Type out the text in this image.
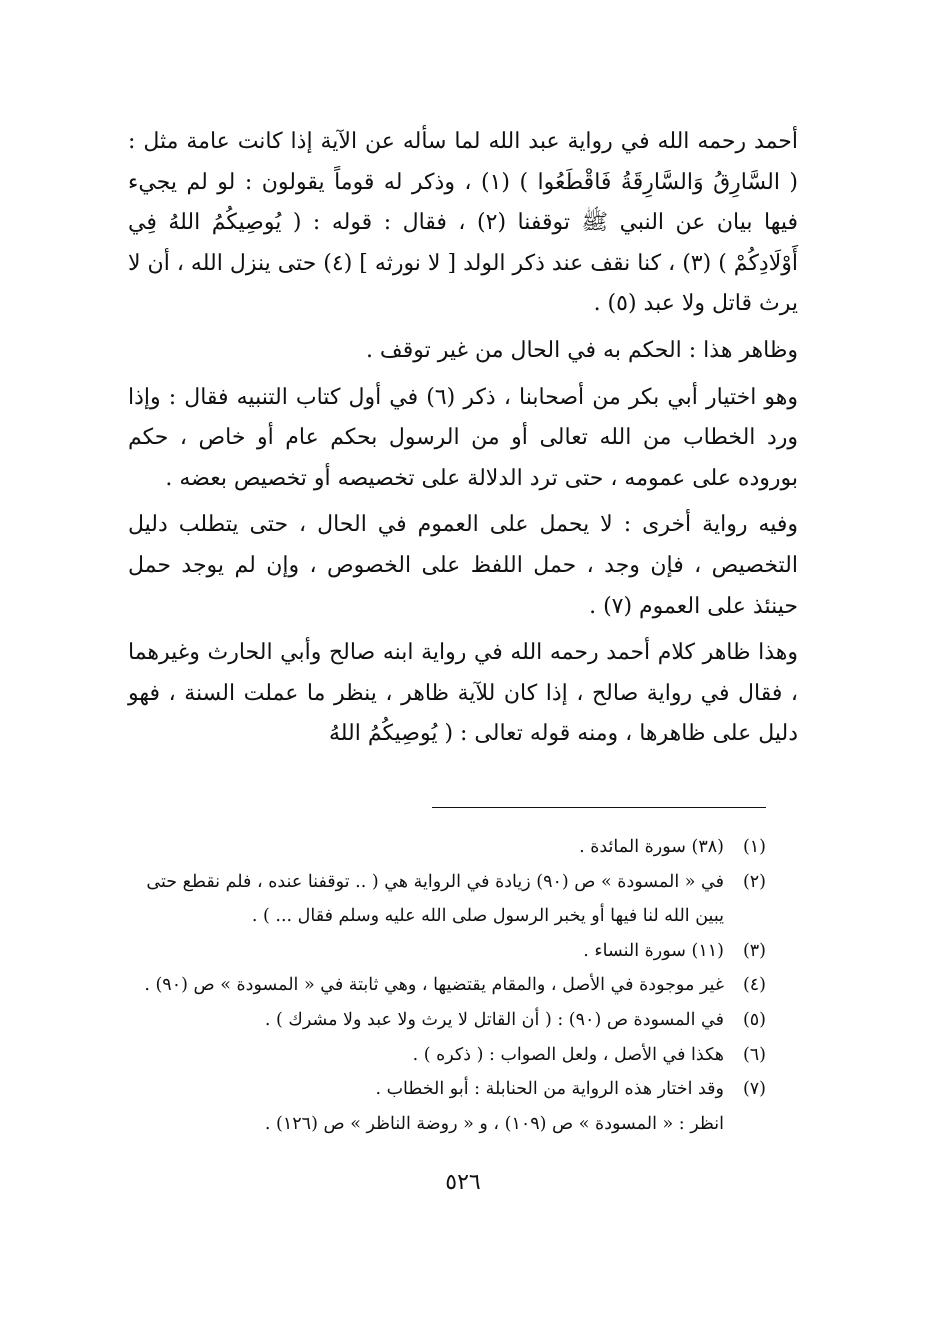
أحمد رحمه الله في رواية عبد الله لما سأله عن الآية إذا كانت عامة مثل : ( السَّارِقُ وَالسَّارِقَةُ فَاقْطَعُوا ) (١) ، وذكر له قوماً يقولون : لو لم يجيء فيها بيان عن النبي ﷺ توقفنا (٢) ، فقال : قوله : ( يُوصِيكُمُ اللهُ فِي أَوْلَادِكُمْ ) (٣) ، كنا نقف عند ذكر الولد [ لا نورثه ] (٤) حتى ينزل الله ، أن لا يرث قاتل ولا عبد (٥) .

وظاهر هذا : الحكم به في الحال من غير توقف .

وهو اختيار أبي بكر من أصحابنا ، ذكر (٦) في أول كتاب التنبيه فقال : وإذا ورد الخطاب من الله تعالى أو من الرسول بحكم عام أو خاص ، حكم بوروده على عمومه ، حتى ترد الدلالة على تخصيصه أو تخصيص بعضه .

وفيه رواية أخرى : لا يحمل على العموم في الحال ، حتى يتطلب دليل التخصيص ، فإن وجد ، حمل اللفظ على الخصوص ، وإن لم يوجد حمل حينئذ على العموم (٧) .

وهذا ظاهر كلام أحمد رحمه الله في رواية ابنه صالح وأبي الحارث وغيرهما ، فقال في رواية صالح ، إذا كان للآية ظاهر ، ينظر ما عملت السنة ، فهو دليل على ظاهرها ، ومنه قوله تعالى : ( يُوصِيكُمُ اللهُ

(١)
(٣٨) سورة المائدة .
(٢)
في « المسودة » ص (٩٠) زيادة في الرواية هي ( .. توقفنا عنده ، فلم نقطع حتى
يبين الله لنا فيها أو يخبر الرسول صلى الله عليه وسلم فقال ... ) .
(٣)
(١١) سورة النساء .
(٤)
غير موجودة في الأصل ، والمقام يقتضيها ، وهي ثابتة في « المسودة » ص (٩٠) .
(٥)
في المسودة ص (٩٠) : ( أن القاتل لا يرث ولا عبد ولا مشرك ) .
(٦)
هكذا في الأصل ، ولعل الصواب : ( ذكره ) .
(٧)
وقد اختار هذه الرواية من الحنابلة : أبو الخطاب .
انظر : « المسودة » ص (١٠٩) ، و « روضة الناظر » ص (١٢٦) .
٥٢٦
